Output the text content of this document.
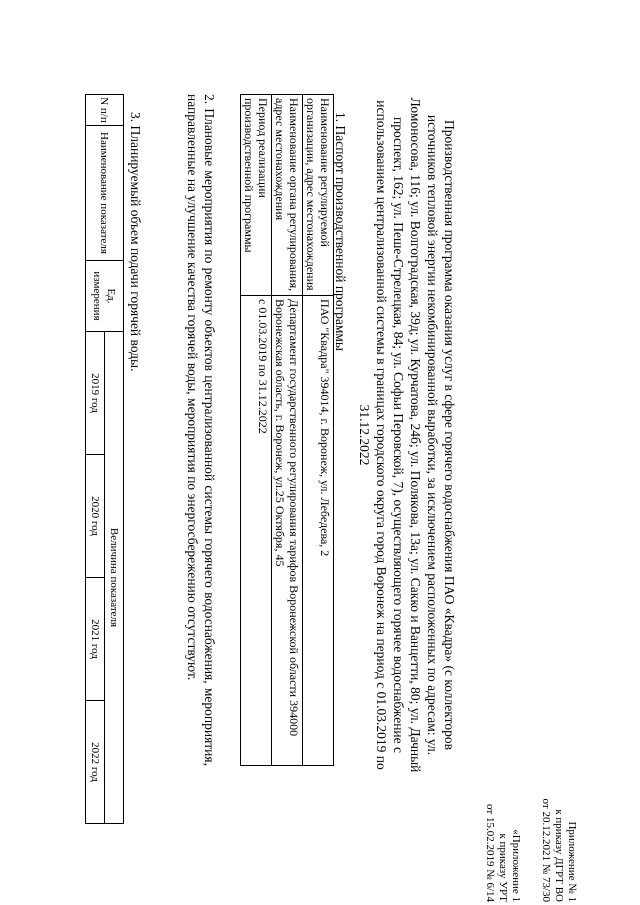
Приложение № 1
к приказу ДГРТ ВО
от 20.12.2021 № 73/30
«Приложение 1
к приказу УРТ
от 15.02.2019 № 6/14
Производственная программа оказания услуг в сфере горячего водоснабжения ПАО «Квадра» (с коллекторов источников тепловой энергии некомбинированной выработки, за исключением расположенных по адресам: ул. Ломоносова, 116; ул. Волгоградская, 39д; ул. Курчатова, 24б; ул. Полякова, 13а; ул. Сакко и Ванцетти, 80; ул. Дачный проспект, 162; ул. Пеше-Стрелецкая, 84; ул. Софьи Перовской, 7), осуществляющего горячее водоснабжение с использованием централизованной системы в границах городского округа город Воронеж на период с 01.03.2019 по 31.12.2022
1. Паспорт производственной программы
Наименование регулируемой организации, адрес местонахождения	ПАО "Квадра" 394014, г. Воронеж, ул. Лебедева, 2
Наименование органа регулирования, адрес местонахождения	Департамент государственного регулирования тарифов Воронежской области 394000 Воронежская область, г. Воронеж, ул.25 Октября, 45
Период реализации производственной программы	с 01.03.2019 по 31.12.2022
2. Плановые мероприятия по ремонту объектов централизованной системы горячего водоснабжения, мероприятия, направленные на улучшение качества горячей воды, мероприятия по энергосбережению отсутствуют.
3. Планируемый объем подачи горячей воды.
N п/п	Наименование показателя	Ед. измерения	Величина показателя			
			2019 год	2020 год	2021 год	2022 год
